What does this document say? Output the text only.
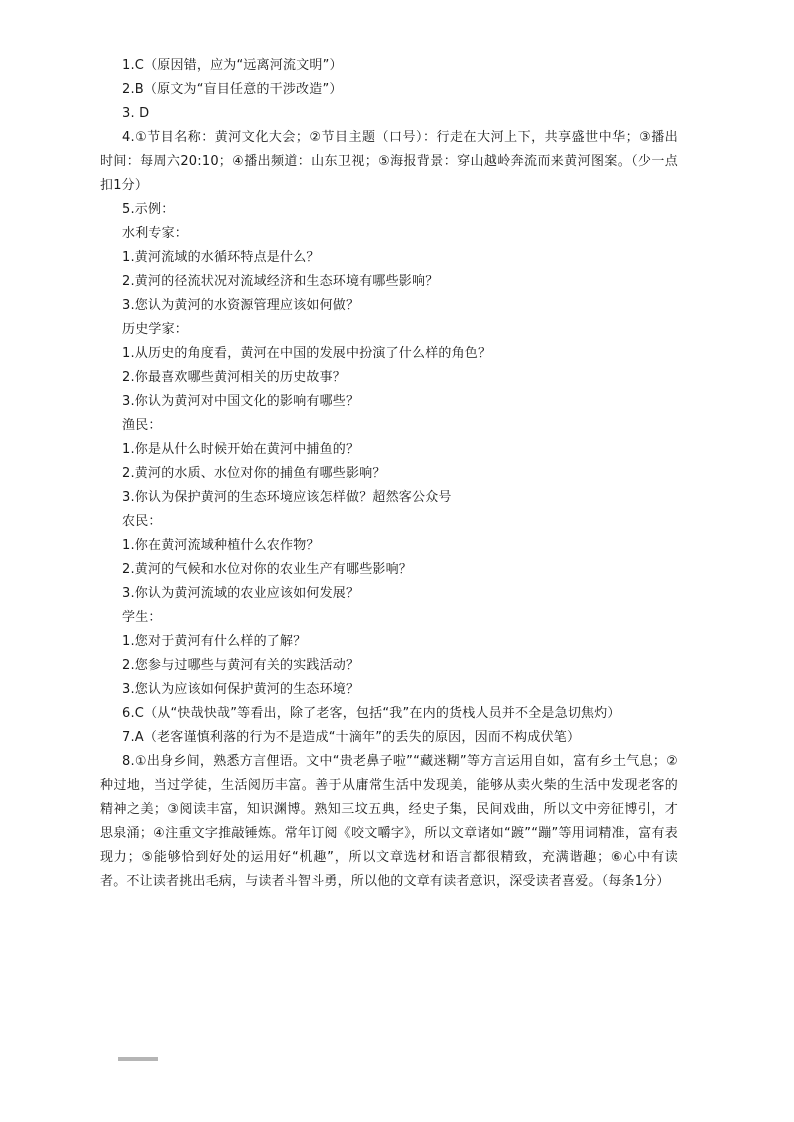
1.C（原因错，应为“远离河流文明”）
2.B（原文为“盲目任意的干涉改造”）
3. D
4.①节目名称：黄河文化大会；②节目主题（口号）：行走在大河上下，共享盛世中华；③播出时间：每周六20:10；④播出频道：山东卫视；⑤海报背景：穿山越岭奔流而来黄河图案。（少一点扣1分）
5.示例：
水利专家：
1.黄河流域的水循环特点是什么？
2.黄河的径流状况对流域经济和生态环境有哪些影响？
3.您认为黄河的水资源管理应该如何做？
历史学家：
1.从历史的角度看，黄河在中国的发展中扮演了什么样的角色？
2.你最喜欢哪些黄河相关的历史故事？
3.你认为黄河对中国文化的影响有哪些？
渔民：
1.你是从什么时候开始在黄河中捕鱼的？
2.黄河的水质、水位对你的捕鱼有哪些影响？
3.你认为保护黄河的生态环境应该怎样做？超然客公众号
农民：
1.你在黄河流域种植什么农作物？
2.黄河的气候和水位对你的农业生产有哪些影响？
3.你认为黄河流域的农业应该如何发展？
学生：
1.您对于黄河有什么样的了解？
2.您参与过哪些与黄河有关的实践活动？
3.您认为应该如何保护黄河的生态环境？
6.C（从“快哉快哉”等看出，除了老客，包括“我”在内的货栈人员并不全是急切焦灼）
7.A（老客谨慎利落的行为不是造成“十滴年”的丢失的原因，因而不构成伏笔）
8.①出身乡间，熟悉方言俚语。文中“贵老鼻子啦”“藏迷糊”等方言运用自如，富有乡土气息；②种过地，当过学徒，生活阅历丰富。善于从庸常生活中发现美，能够从卖火柴的生活中发现老客的精神之美；③阅读丰富，知识渊博。熟知三坟五典，经史子集，民间戏曲，所以文中旁征博引，才思泉涌；④注重文字推敲锤炼。常年订阅《咬文嚼字》，所以文章诸如“踱”“蹦”等用词精准，富有表现力；⑤能够恰到好处的运用好“机趣”，所以文章选材和语言都很精致，充满谐趣；⑥心中有读者。不让读者挑出毛病，与读者斗智斗勇，所以他的文章有读者意识，深受读者喜爱。（每条1分）
